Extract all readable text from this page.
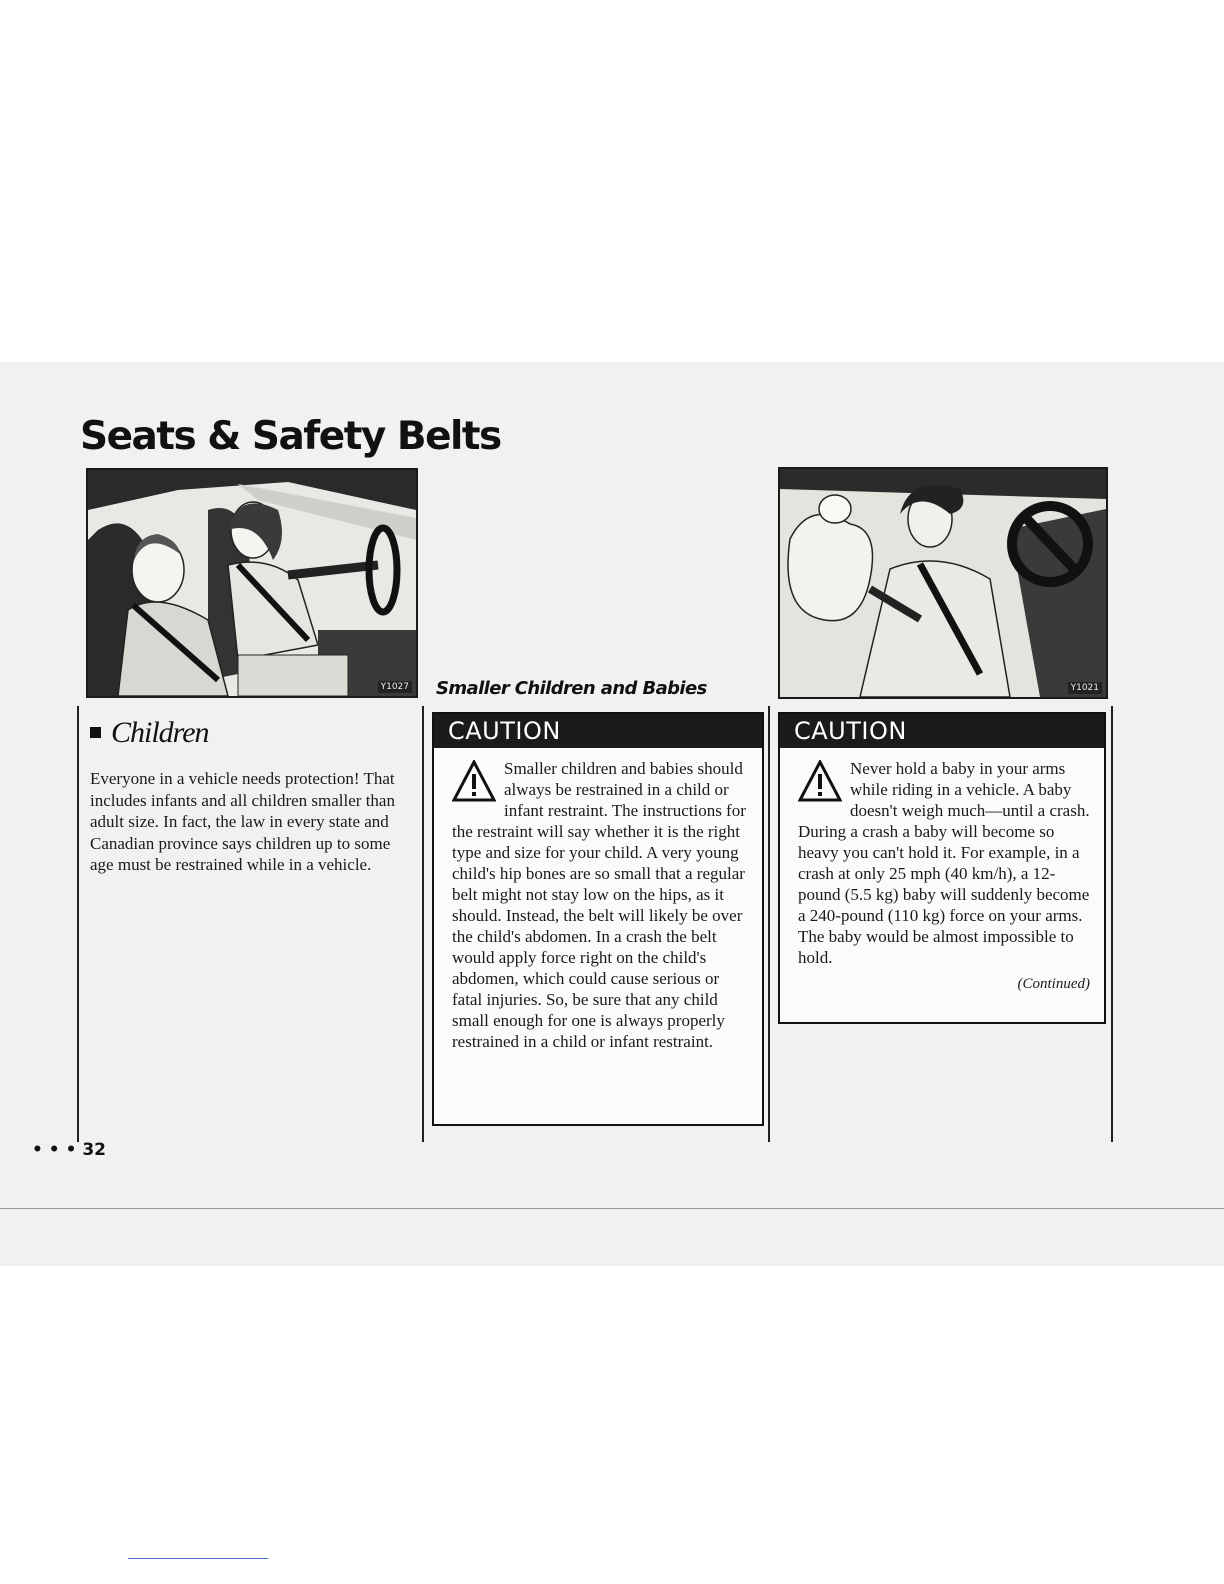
Seats & Safety Belts
Y1027	Y1021
Children

Everyone in a vehicle needs protection! That includes infants and all children smaller than adult size. In fact, the law in every state and Canadian province says children up to some age must be restrained while in a vehicle.

Smaller Children and Babies
CAUTION

Smaller children and babies should always be restrained in a child or infant restraint. The instructions for the restraint will say whether it is the right type and size for your child. A very young child's hip bones are so small that a regular belt might not stay low on the hips, as it should. Instead, the belt will likely be over the child's abdomen. In a crash the belt would apply force right on the child's abdomen, which could cause serious or fatal injuries. So, be sure that any child small enough for one is always properly restrained in a child or infant restraint.

CAUTION

Never hold a baby in your arms while riding in a vehicle. A baby doesn't weigh much—until a crash. During a crash a baby will become so heavy you can't hold it. For example, in a crash at only 25 mph (40 km/h), a 12-pound (5.5 kg) baby will suddenly become a 240-pound (110 kg) force on your arms. The baby would be almost impossible to hold.

(Continued)

• • • 32
